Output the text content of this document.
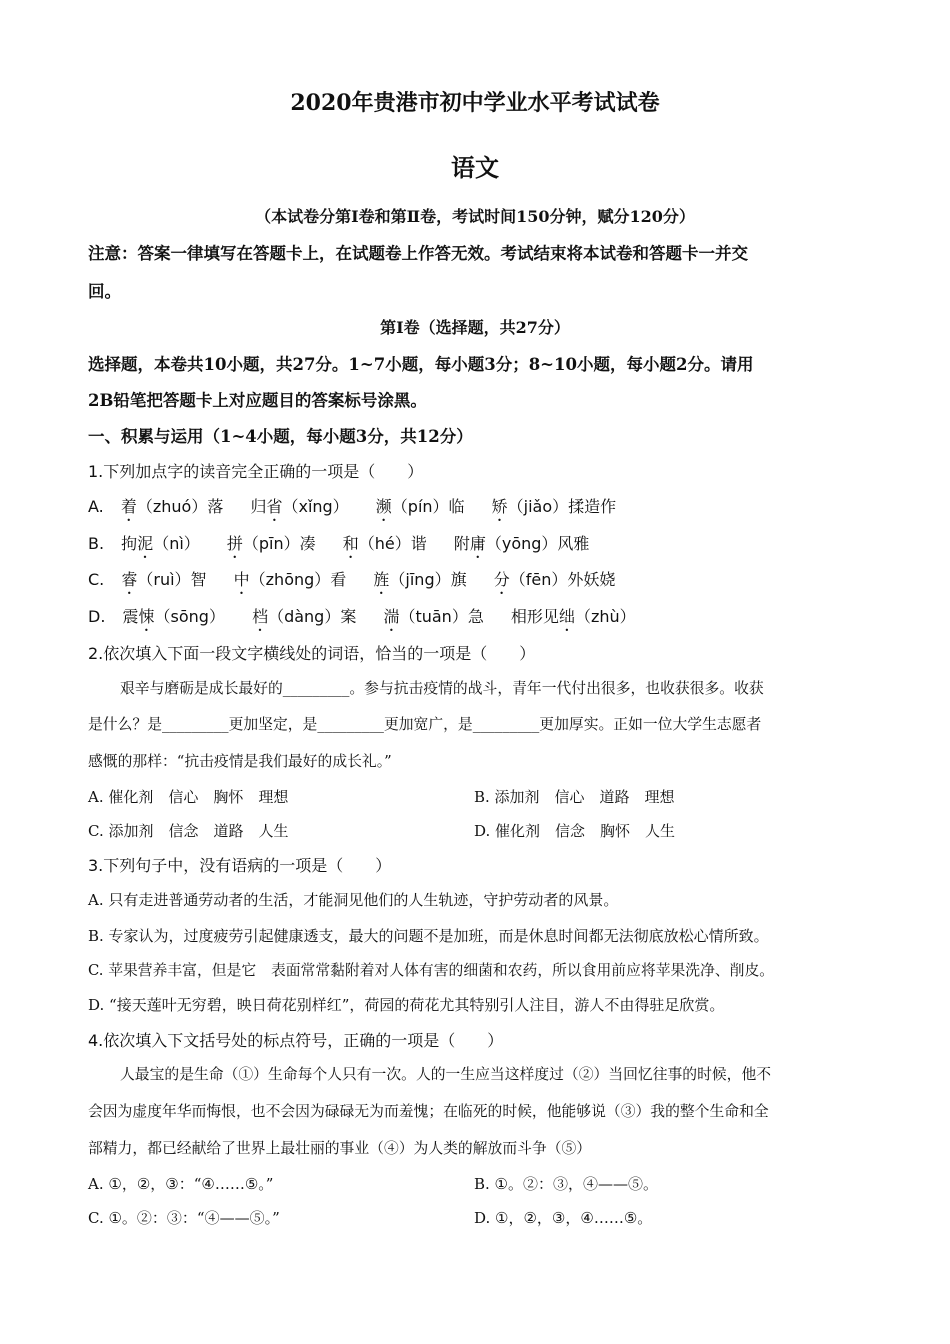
2020年贵港市初中学业水平考试试卷
语文
（本试卷分第Ⅰ卷和第Ⅱ卷，考试时间150分钟，赋分120分）
注意：答案一律填写在答题卡上，在试题卷上作答无效。考试结束将本试卷和答题卡一并交
回。
第Ⅰ卷（选择题，共27分）
选择题，本卷共10小题，共27分。1~7小题，每小题3分；8~10小题，每小题2分。请用
2B铅笔把答题卡上对应题目的答案标号涂黑。
一、积累与运用（1~4小题，每小题3分，共12分）
1.下列加点字的读音完全正确的一项是（　　）
A. 着（zhuó）落 归省（xǐng） 濒（pín）临 矫（jiǎo）揉造作
B. 拘泥（nì） 拼（pīn）凑 和（hé）谐 附庸（yōng）风雅
C. 睿（ruì）智 中（zhōng）看 旌（jīng）旗 分（fēn）外妖娆
D. 震悚（sōng） 档（dàng）案 湍（tuān）急 相形见绌（zhù）
2.依次填入下面一段文字横线处的词语，恰当的一项是（　　）
艰辛与磨砺是成长最好的_________。参与抗击疫情的战斗，青年一代付出很多，也收获很多。收获
是什么？是_________更加坚定，是_________更加宽广，是_________更加厚实。正如一位大学生志愿者
感慨的那样：“抗击疫情是我们最好的成长礼。”
A. 催化剂　信心　胸怀　理想	B. 添加剂　信心　道路　理想
C. 添加剂　信念　道路　人生	D. 催化剂　信念　胸怀　人生
3.下列句子中，没有语病的一项是（　　）
A. 只有走进普通劳动者的生活，才能洞见他们的人生轨迹，守护劳动者的风景。
B. 专家认为，过度疲劳引起健康透支，最大的问题不是加班，而是休息时间都无法彻底放松心情所致。
C. 苹果营养丰富，但是它　表面常常黏附着对人体有害的细菌和农药，所以食用前应将苹果洗净、削皮。
D. “接天莲叶无穷碧，映日荷花别样红”，荷园的荷花尤其特别引人注目，游人不由得驻足欣赏。
4.依次填入下文括号处的标点符号，正确的一项是（　　）
人最宝的是生命（①）生命每个人只有一次。人的一生应当这样度过（②）当回忆往事的时候，他不
会因为虚度年华而悔恨，也不会因为碌碌无为而羞愧；在临死的时候，他能够说（③）我的整个生命和全
部精力，都已经献给了世界上最壮丽的事业（④）为人类的解放而斗争（⑤）
A. ①，②，③：“④……⑤。”	B. ①。②：③，④——⑤。
C. ①。②：③：“④——⑤。”	D. ①，②，③，④……⑤。
